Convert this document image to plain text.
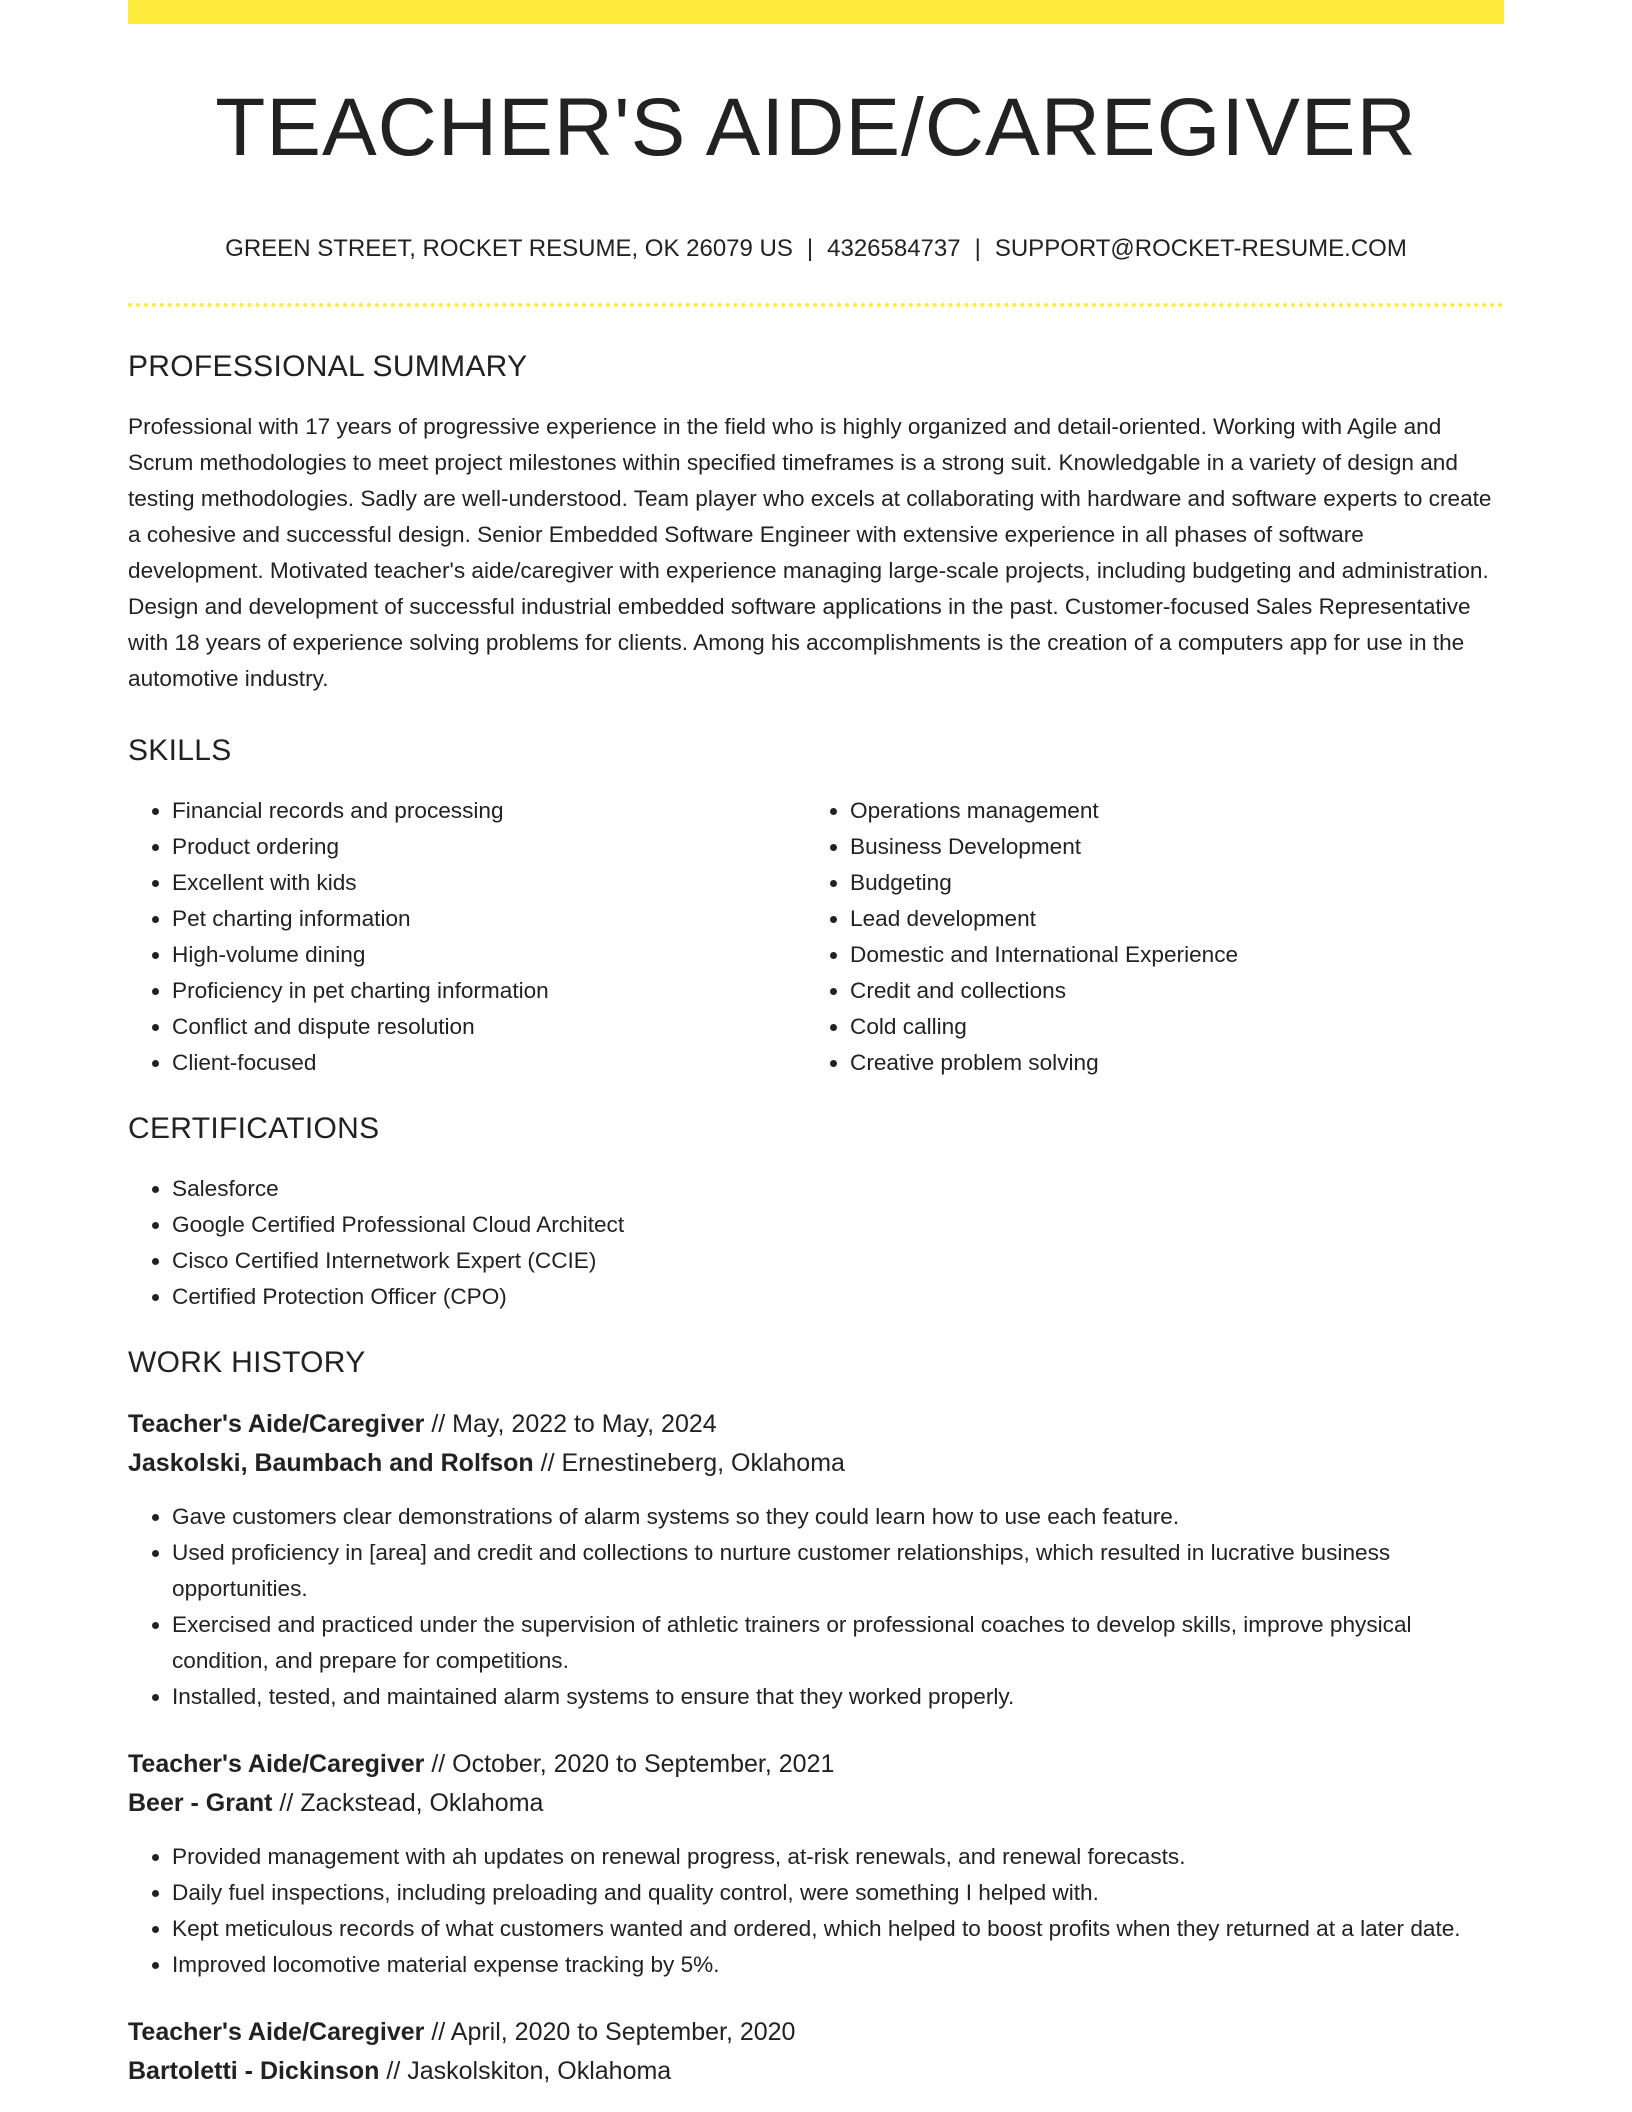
TEACHER'S AIDE/CAREGIVER
GREEN STREET, ROCKET RESUME, OK 26079 US | 4326584737 | SUPPORT@ROCKET-RESUME.COM
PROFESSIONAL SUMMARY

Professional with 17 years of progressive experience in the field who is highly organized and detail-oriented. Working with Agile and Scrum methodologies to meet project milestones within specified timeframes is a strong suit. Knowledgable in a variety of design and testing methodologies. Sadly are well-understood. Team player who excels at collaborating with hardware and software experts to create a cohesive and successful design. Senior Embedded Software Engineer with extensive experience in all phases of software development. Motivated teacher's aide/caregiver with experience managing large-scale projects, including budgeting and administration. Design and development of successful industrial embedded software applications in the past. Customer-focused Sales Representative with 18 years of experience solving problems for clients. Among his accomplishments is the creation of a computers app for use in the automotive industry.

SKILLS
• Financial records and processing
• Product ordering
• Excellent with kids
• Pet charting information
• High-volume dining
• Proficiency in pet charting information
• Conflict and dispute resolution
• Client-focused
• Operations management
• Business Development
• Budgeting
• Lead development
• Domestic and International Experience
• Credit and collections
• Cold calling
• Creative problem solving
CERTIFICATIONS
• Salesforce
• Google Certified Professional Cloud Architect
• Cisco Certified Internetwork Expert (CCIE)
• Certified Protection Officer (CPO)
WORK HISTORY
Teacher's Aide/Caregiver // May, 2022 to May, 2024
Jaskolski, Baumbach and Rolfson // Ernestineberg, Oklahoma
• Gave customers clear demonstrations of alarm systems so they could learn how to use each feature.
• Used proficiency in [area] and credit and collections to nurture customer relationships, which resulted in lucrative business opportunities.
• Exercised and practiced under the supervision of athletic trainers or professional coaches to develop skills, improve physical condition, and prepare for competitions.
• Installed, tested, and maintained alarm systems to ensure that they worked properly.
Teacher's Aide/Caregiver // October, 2020 to September, 2021
Beer - Grant // Zackstead, Oklahoma
• Provided management with ah updates on renewal progress, at-risk renewals, and renewal forecasts.
• Daily fuel inspections, including preloading and quality control, were something I helped with.
• Kept meticulous records of what customers wanted and ordered, which helped to boost profits when they returned at a later date.
• Improved locomotive material expense tracking by 5%.
Teacher's Aide/Caregiver // April, 2020 to September, 2020
Bartoletti - Dickinson // Jaskolskiton, Oklahoma
